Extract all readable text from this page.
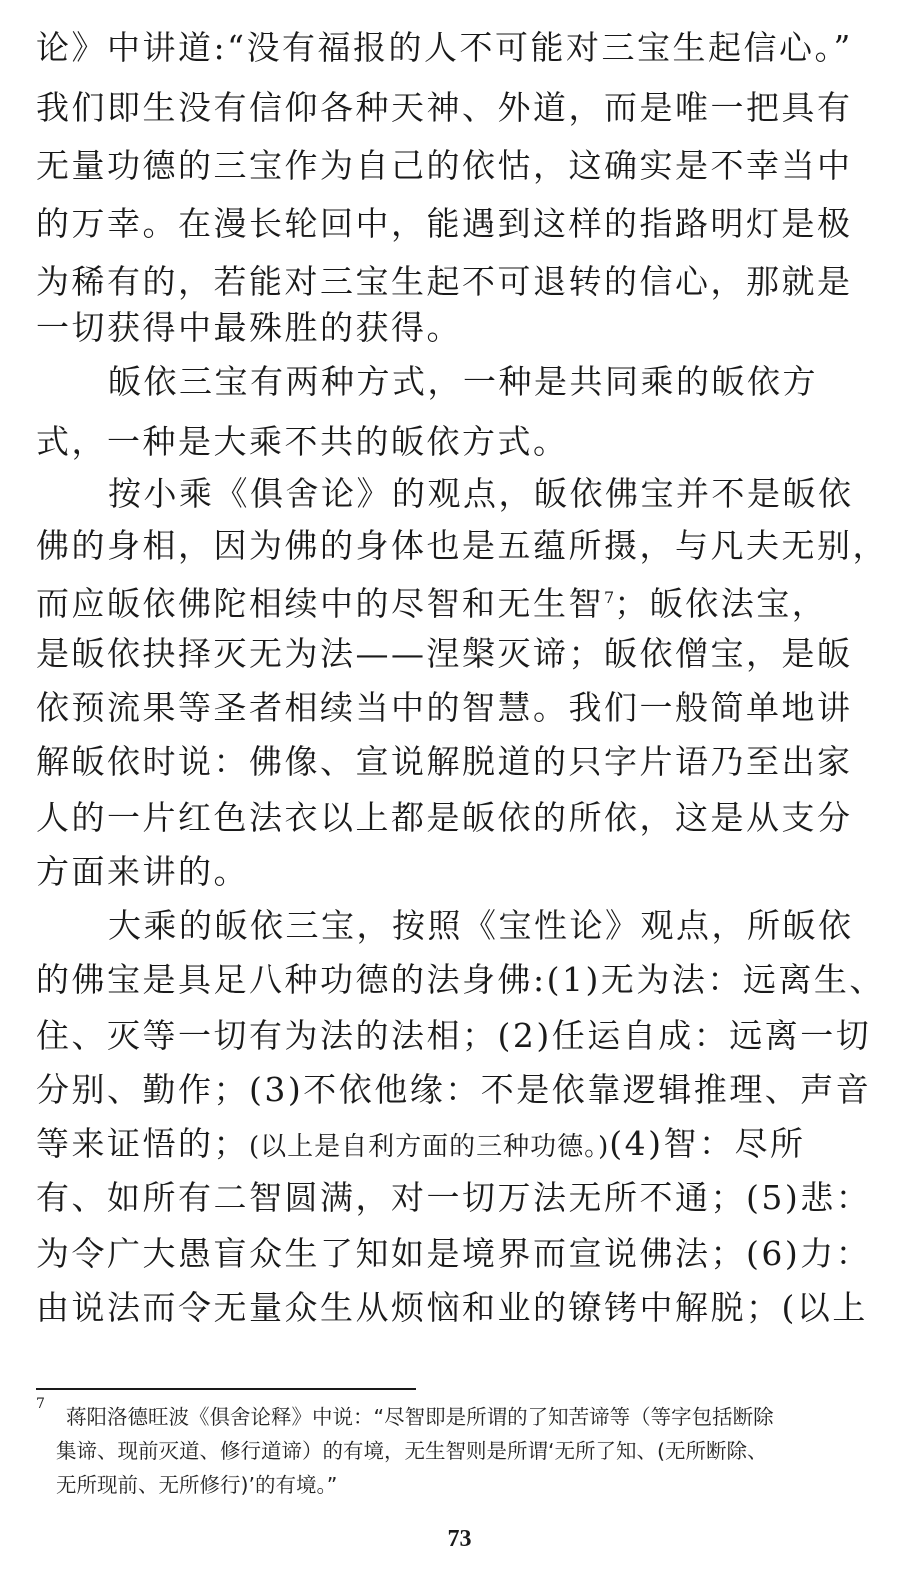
论》中讲道:“没有福报的人不可能对三宝生起信心。”
我们即生没有信仰各种天神、外道，而是唯一把具有
无量功德的三宝作为自己的依怙，这确实是不幸当中
的万幸。在漫长轮回中，能遇到这样的指路明灯是极
为稀有的，若能对三宝生起不可退转的信心，那就是
一切获得中最殊胜的获得。
皈依三宝有两种方式，一种是共同乘的皈依方
式，一种是大乘不共的皈依方式。
按小乘《俱舍论》的观点，皈依佛宝并不是皈依
佛的身相，因为佛的身体也是五蕴所摄，与凡夫无别，
而应皈依佛陀相续中的尽智和无生智$^7$；皈依法宝，
是皈依抉择灭无为法——涅槃灭谛；皈依僧宝，是皈
依预流果等圣者相续当中的智慧。我们一般简单地讲
解皈依时说：佛像、宣说解脱道的只字片语乃至出家
人的一片红色法衣以上都是皈依的所依，这是从支分
方面来讲的。
大乘的皈依三宝，按照《宝性论》观点，所皈依
的佛宝是具足八种功德的法身佛:(1)无为法：远离生、
住、灭等一切有为法的法相；(2)任运自成：远离一切
分别、勤作；(3)不依他缘：不是依靠逻辑推理、声音
等来证悟的；(以上是自利方面的三种功德。)(4)智：尽所
有、如所有二智圆满，对一切万法无所不通；(5)悲：
为令广大愚盲众生了知如是境界而宣说佛法；(6)力：
由说法而令无量众生从烦恼和业的镣铐中解脱；(以上
7
蒋阳洛德旺波《俱舍论释》中说：“尽智即是所谓的了知苦谛等（等字包括断除
集谛、现前灭道、修行道谛）的有境，无生智则是所谓‘无所了知、(无所断除、
无所现前、无所修行)’的有境。”
73
